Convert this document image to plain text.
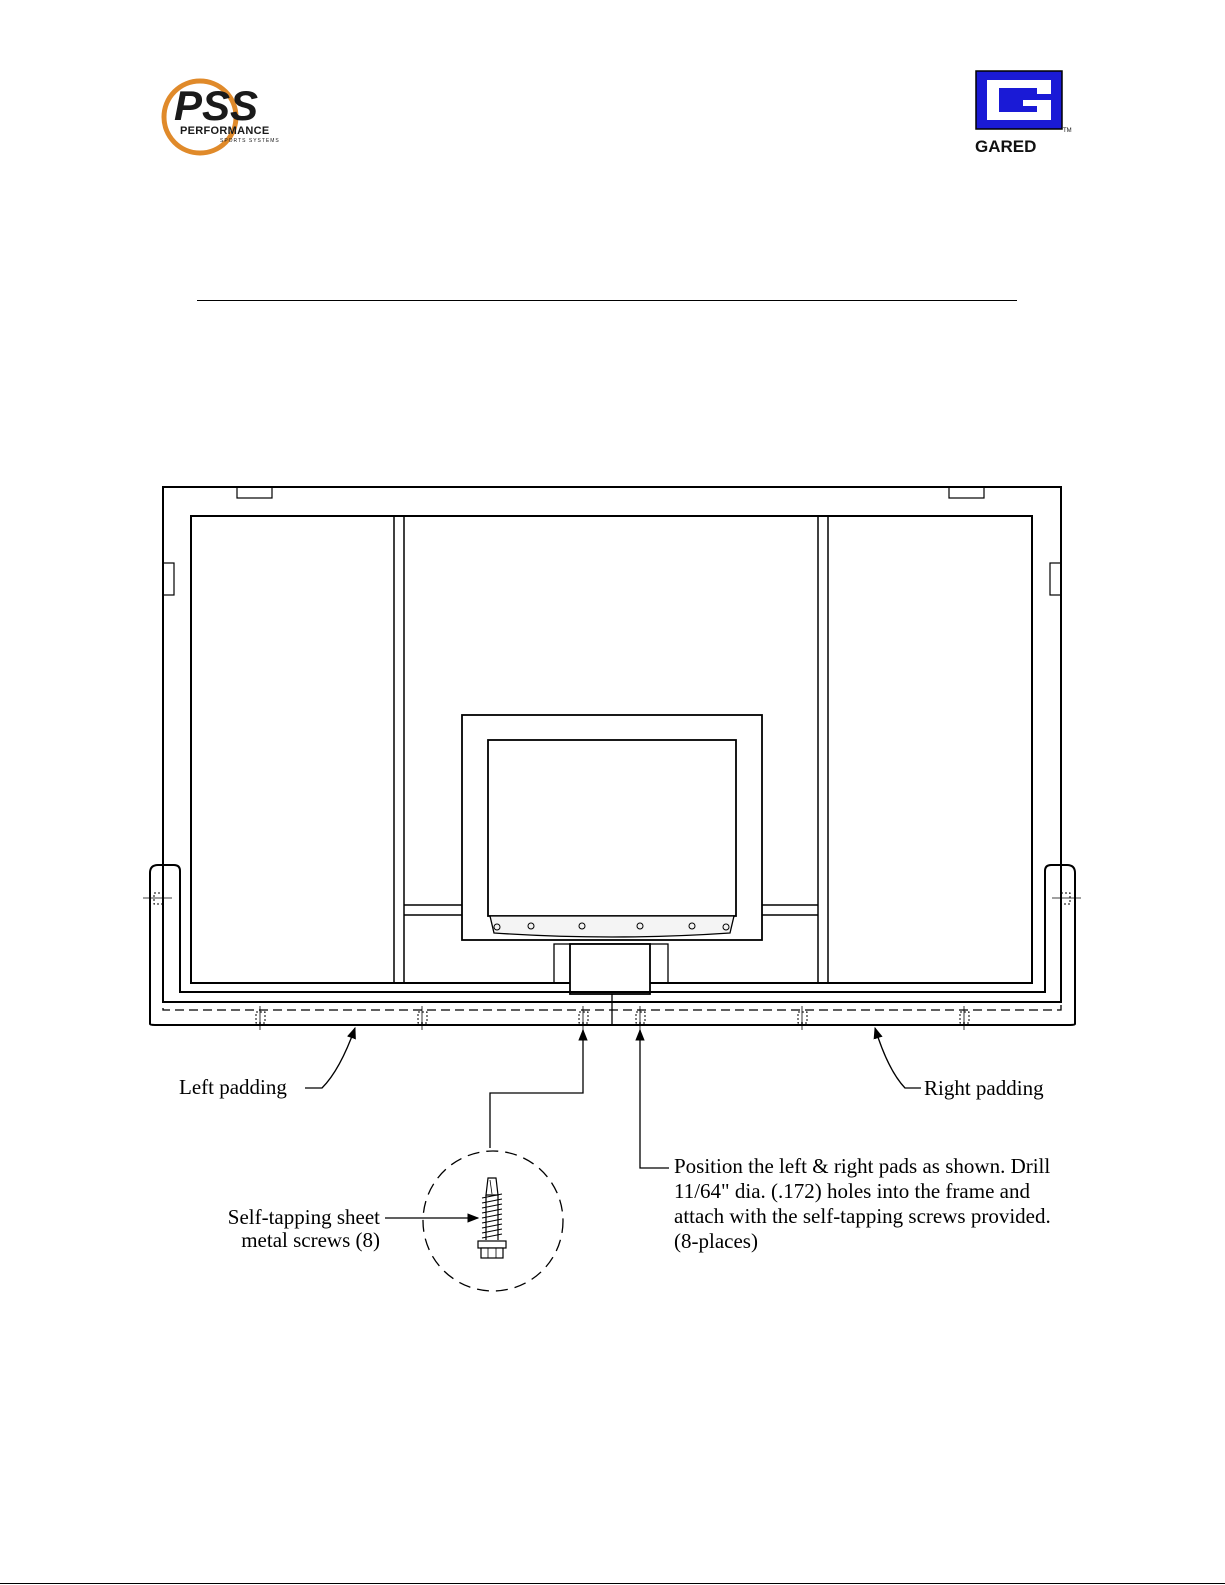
PSS
PERFORMANCE
SPORTS SYSTEMS
TM
GARED
Left padding	Right padding
Self-tapping sheet
metal screws (8)
Position the left & right pads as shown. Drill
11/64" dia. (.172) holes into the frame and
attach with the self-tapping screws provided.
(8-places)
